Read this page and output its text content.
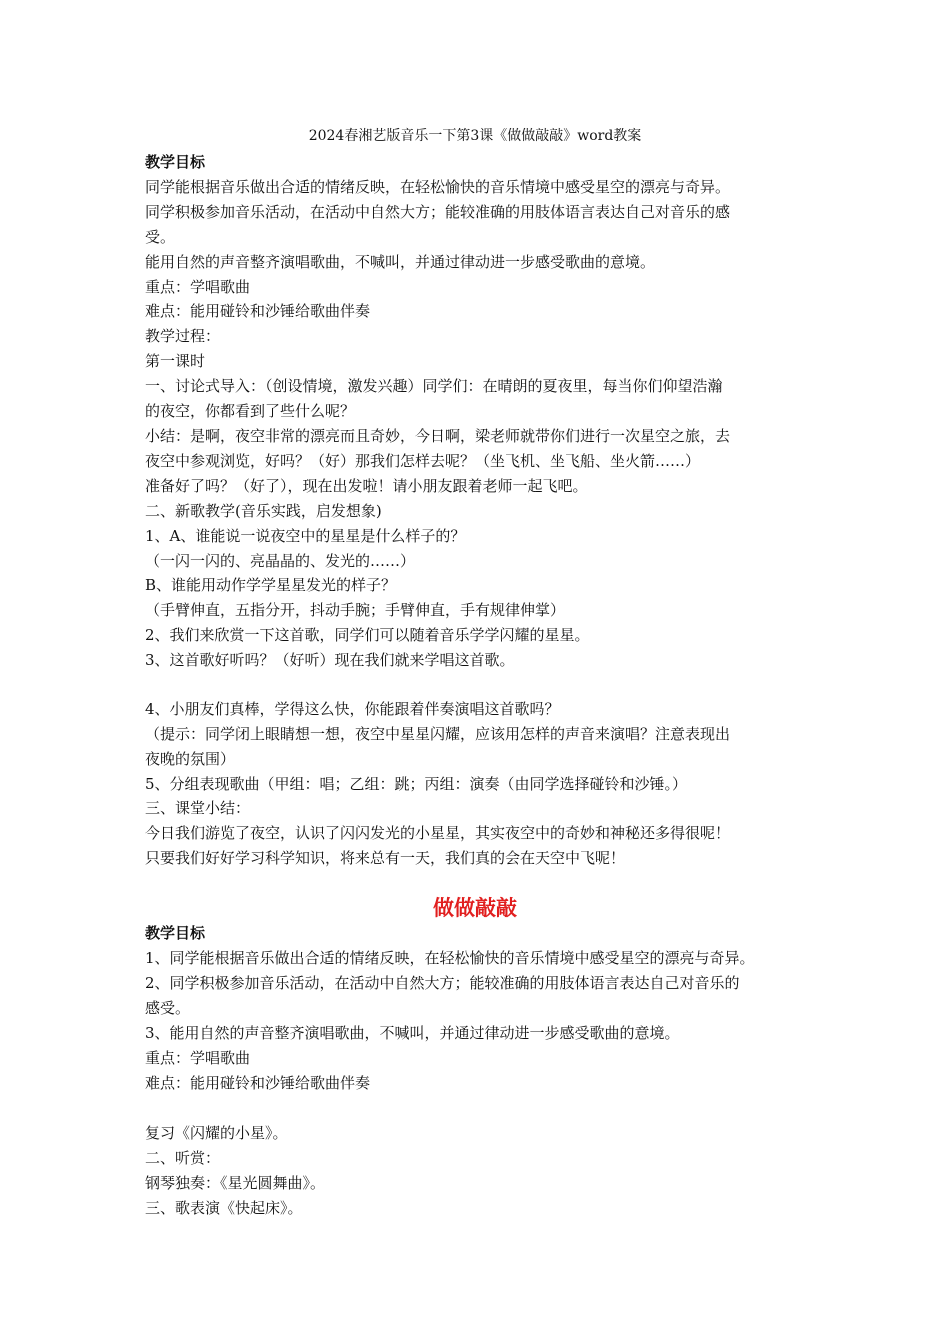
2024春湘艺版音乐一下第3课《做做敲敲》word教案
教学目标
同学能根据音乐做出合适的情绪反映，在轻松愉快的音乐情境中感受星空的漂亮与奇异。
同学积极参加音乐活动，在活动中自然大方；能较准确的用肢体语言表达自己对音乐的感
受。
能用自然的声音整齐演唱歌曲，不喊叫，并通过律动进一步感受歌曲的意境。
重点：学唱歌曲
难点：能用碰铃和沙锤给歌曲伴奏
教学过程：
第一课时
一、讨论式导入：（创设情境，激发兴趣）同学们：在晴朗的夏夜里，每当你们仰望浩瀚
的夜空，你都看到了些什么呢？
小结：是啊，夜空非常的漂亮而且奇妙，今日啊，梁老师就带你们进行一次星空之旅，去
夜空中参观浏览，好吗？（好）那我们怎样去呢？（坐飞机、坐飞船、坐火箭……）
准备好了吗？（好了），现在出发啦！请小朋友跟着老师一起飞吧。
二、新歌教学(音乐实践，启发想象)
1、A、谁能说一说夜空中的星星是什么样子的？
（一闪一闪的、亮晶晶的、发光的……）
B、谁能用动作学学星星发光的样子？
（手臂伸直，五指分开，抖动手腕；手臂伸直，手有规律伸掌）
2、我们来欣赏一下这首歌，同学们可以随着音乐学学闪耀的星星。
3、这首歌好听吗？（好听）现在我们就来学唱这首歌。
4、小朋友们真棒，学得这么快，你能跟着伴奏演唱这首歌吗？
（提示：同学闭上眼睛想一想，夜空中星星闪耀，应该用怎样的声音来演唱？注意表现出
夜晚的氛围）
5、分组表现歌曲（甲组：唱；乙组：跳；丙组：演奏（由同学选择碰铃和沙锤。）
三、课堂小结：
今日我们游览了夜空，认识了闪闪发光的小星星，其实夜空中的奇妙和神秘还多得很呢！
只要我们好好学习科学知识，将来总有一天，我们真的会在天空中飞呢！
做做敲敲
教学目标
1、同学能根据音乐做出合适的情绪反映，在轻松愉快的音乐情境中感受星空的漂亮与奇异。
2、同学积极参加音乐活动，在活动中自然大方；能较准确的用肢体语言表达自己对音乐的
感受。
3、能用自然的声音整齐演唱歌曲，不喊叫，并通过律动进一步感受歌曲的意境。
重点：学唱歌曲
难点：能用碰铃和沙锤给歌曲伴奏
复习《闪耀的小星》。
二、听赏：
钢琴独奏：《星光圆舞曲》。
三、歌表演《快起床》。
